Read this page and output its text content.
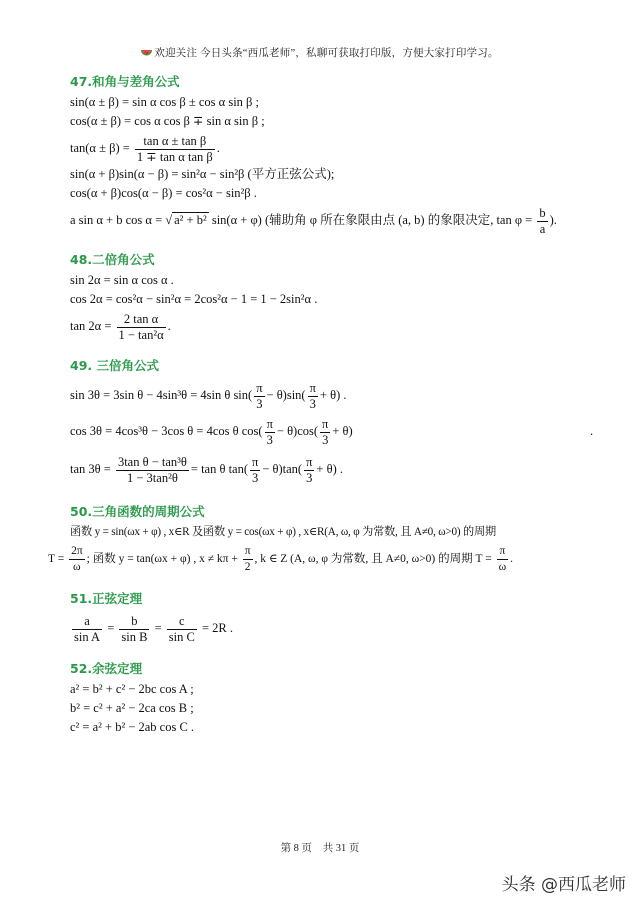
欢迎关注 今日头条“西瓜老师”，私聊可获取打印版，方便大家打印学习。
47.和角与差角公式
sin(α ± β) = sin α cos β ± cos α sin β ;
cos(α ± β) = cos α cos β ∓ sin α sin β ;
$\tan(\alpha \pm \beta) = \frac{\text{tan α ± tan β}}{\text{1 ∓ tan α tan β}}$ .
sin(α + β)sin(α − β) = sin²α − sin²β (平方正弦公式);
cos(α + β)cos(α − β) = cos²α − sin²β .
a sin α + b cos α = √ a² + b² sin(α + φ) (辅助角 φ 所在象限由点 (a, b) 的象限决定, $\tan \varphi = \frac{b}{a}$ ).
48.二倍角公式
sin 2α = sin α cos α .
cos 2α = cos²α − sin²α = 2cos²α − 1 = 1 − 2sin²α .
$\tan 2\alpha = \frac{\text{2 tan α}}{\text{1 − tan²α}}$ .
49. 三倍角公式
sin 3θ = 3sin θ − 4sin³θ = 4sin θ $\sin( \frac{\pi}{3} - \theta)\sin( \frac{\pi}{3} + \theta)$ .
cos 3θ = 4cos³θ − 3cos θ = 4cos θ $\cos( \frac{\pi}{3} - \theta)\cos( \frac{\pi}{3} + \theta)$	.
$\tan 3\theta = \frac{\text{3tan θ − tan³θ}}{\text{1 − 3tan²θ}} = \tan \theta$ $\tan( \frac{\pi}{3} - \theta)\tan( \frac{\pi}{3} + \theta)$ .
50.三角函数的周期公式
函数 y = sin(ωx + φ) , x∈R 及函数 y = cos(ωx + φ) , x∈R(A, ω, φ 为常数, 且 A≠0, ω>0) 的周期
$T = \frac{2\pi}{\omega}$ ; 函数 y = tan(ωx + φ) , $x \ne k\pi + \frac{\pi}{2}$ , k ∈ Z (A, ω, φ 为常数, 且 A≠0, ω>0) 的周期 $T = \frac{\pi}{\omega}$ .
51.正弦定理
$\frac{a}{\text{sin A}} = \frac{b}{\text{sin B}} = \frac{c}{\text{sin C}} = 2R$ .
52.余弦定理
a² = b² + c² − 2bc cos A ;
b² = c² + a² − 2ca cos B ;
c² = a² + b² − 2ab cos C .
第 8 页 共 31 页
头条 @西瓜老师
